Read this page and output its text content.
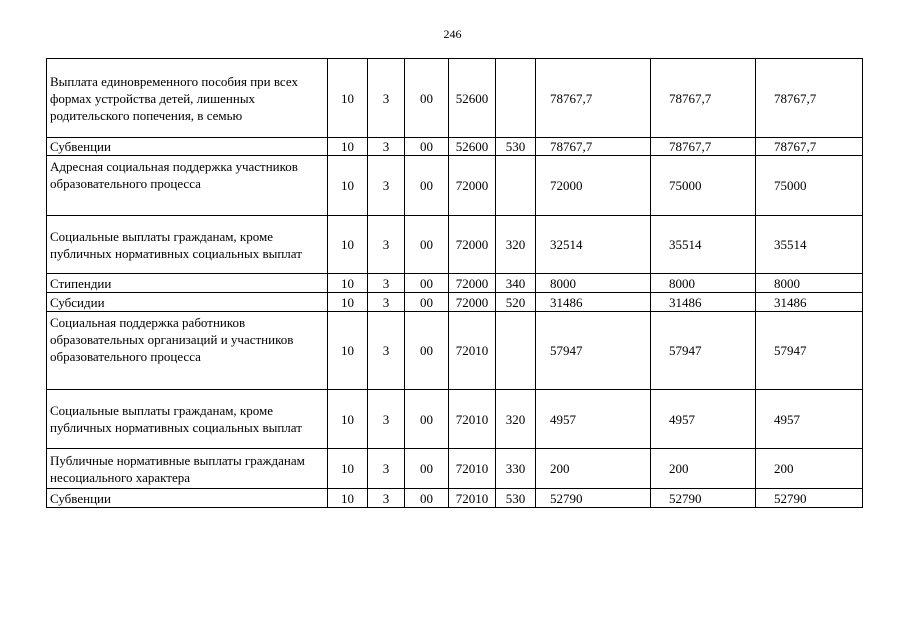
246
Выплата единовременного пособия при всех формах устройства детей, лишенных родительского попечения, в семью	10	3	00	52600		78767,7	78767,7	78767,7
Субвенции	10	3	00	52600	530	78767,7	78767,7	78767,7
Адресная социальная поддержка участников образовательного процесса	10	3	00	72000		72000	75000	75000
Социальные выплаты гражданам, кроме публичных нормативных социальных выплат	10	3	00	72000	320	32514	35514	35514
Стипендии	10	3	00	72000	340	8000	8000	8000
Субсидии	10	3	00	72000	520	31486	31486	31486
Социальная поддержка работников образовательных организаций и участников образовательного процесса	10	3	00	72010		57947	57947	57947
Социальные выплаты гражданам, кроме публичных нормативных социальных выплат	10	3	00	72010	320	4957	4957	4957
Публичные нормативные выплаты гражданам несоциального характера	10	3	00	72010	330	200	200	200
Субвенции	10	3	00	72010	530	52790	52790	52790
